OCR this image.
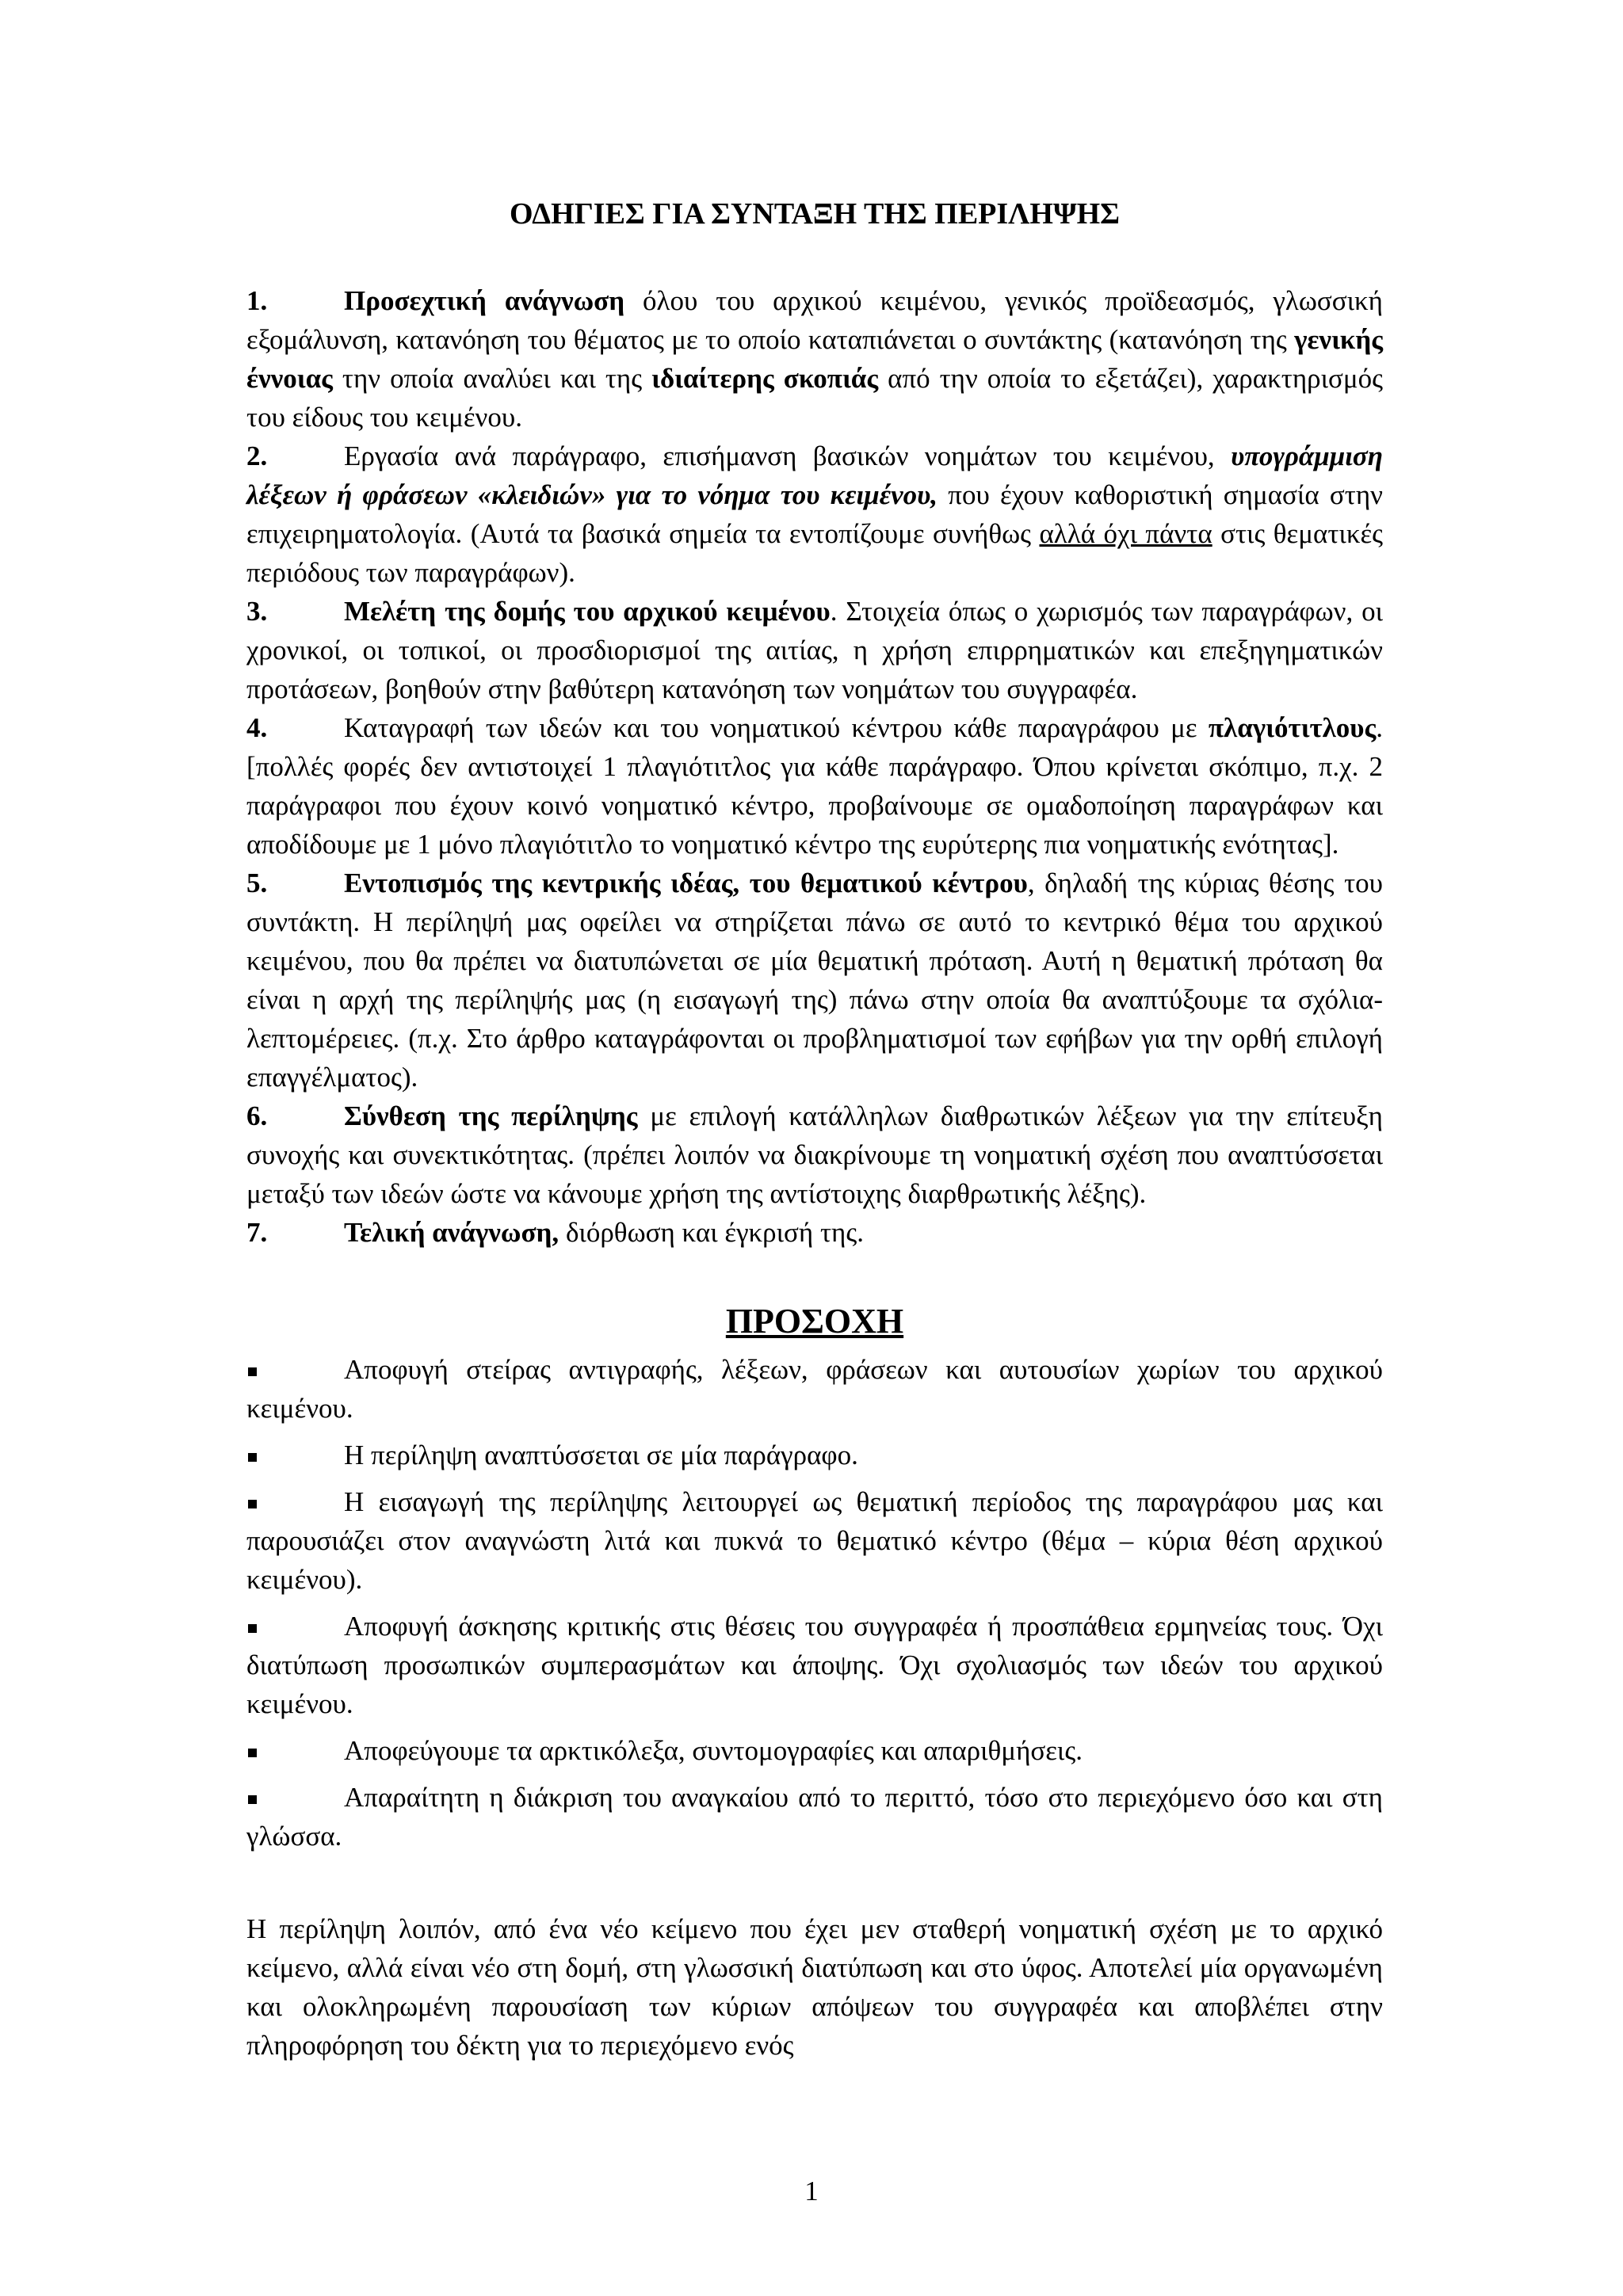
ΟΔΗΓΙΕΣ ΓΙΑ ΣΥΝΤΑΞΗ ΤΗΣ ΠΕΡΙΛΗΨΗΣ

1.	Προσεχτική ανάγνωση όλου του αρχικού κειμένου, γενικός προϊδεασμός, γλωσσική εξομάλυνση, κατανόηση του θέματος με το οποίο καταπιάνεται ο συντάκτης (κατανόηση της γενικής έννοιας την οποία αναλύει και της ιδιαίτερης σκοπιάς από την οποία το εξετάζει), χαρακτηρισμός του είδους του κειμένου.

2.	Εργασία ανά παράγραφο, επισήμανση βασικών νοημάτων του κειμένου, υπογράμμιση λέξεων ή φράσεων «κλειδιών» για το νόημα του κειμένου, που έχουν καθοριστική σημασία στην επιχειρηματολογία. (Αυτά τα βασικά σημεία τα εντοπίζουμε συνήθως αλλά όχι πάντα στις θεματικές περιόδους των παραγράφων).

3.	Μελέτη της δομής του αρχικού κειμένου. Στοιχεία όπως ο χωρισμός των παραγράφων, οι χρονικοί, οι τοπικοί, οι προσδιορισμοί της αιτίας, η χρήση επιρρηματικών και επεξηγηματικών προτάσεων, βοηθούν στην βαθύτερη κατανόηση των νοημάτων του συγγραφέα.

4.	Καταγραφή των ιδεών και του νοηματικού κέντρου κάθε παραγράφου με πλαγιότιτλους. [πολλές φορές δεν αντιστοιχεί 1 πλαγιότιτλος για κάθε παράγραφο. Όπου κρίνεται σκόπιμο, π.χ. 2 παράγραφοι που έχουν κοινό νοηματικό κέντρο, προβαίνουμε σε ομαδοποίηση παραγράφων και αποδίδουμε με 1 μόνο πλαγιότιτλο το νοηματικό κέντρο της ευρύτερης πια νοηματικής ενότητας].

5.	Εντοπισμός της κεντρικής ιδέας, του θεματικού κέντρου, δηλαδή της κύριας θέσης του συντάκτη. Η περίληψή μας οφείλει να στηρίζεται πάνω σε αυτό το κεντρικό θέμα του αρχικού κειμένου, που θα πρέπει να διατυπώνεται σε μία θεματική πρόταση. Αυτή η θεματική πρόταση θα είναι η αρχή της περίληψής μας (η εισαγωγή της) πάνω στην οποία θα αναπτύξουμε τα σχόλια-λεπτομέρειες. (π.χ. Στο άρθρο καταγράφονται οι προβληματισμοί των εφήβων για την ορθή επιλογή επαγγέλματος).

6.	Σύνθεση της περίληψης με επιλογή κατάλληλων διαθρωτικών λέξεων για την επίτευξη συνοχής και συνεκτικότητας. (πρέπει λοιπόν να διακρίνουμε τη νοηματική σχέση που αναπτύσσεται μεταξύ των ιδεών ώστε να κάνουμε χρήση της αντίστοιχης διαρθρωτικής λέξης).

7.	Τελική ανάγνωση, διόρθωση και έγκρισή της.

ΠΡΟΣΟΧΗ

Αποφυγή στείρας αντιγραφής, λέξεων, φράσεων και αυτουσίων χωρίων του αρχικού κειμένου.

Η περίληψη αναπτύσσεται σε μία παράγραφο.

Η εισαγωγή της περίληψης λειτουργεί ως θεματική περίοδος της παραγράφου μας και παρουσιάζει στον αναγνώστη λιτά και πυκνά το θεματικό κέντρο (θέμα – κύρια θέση αρχικού κειμένου).

Αποφυγή άσκησης κριτικής στις θέσεις του συγγραφέα ή προσπάθεια ερμηνείας τους. Όχι διατύπωση προσωπικών συμπερασμάτων και άποψης. Όχι σχολιασμός των ιδεών του αρχικού κειμένου.

Αποφεύγουμε τα αρκτικόλεξα, συντομογραφίες και απαριθμήσεις.

Απαραίτητη η διάκριση του αναγκαίου από το περιττό, τόσο στο περιεχόμενο όσο και στη γλώσσα.

Η περίληψη λοιπόν, από ένα νέο κείμενο που έχει μεν σταθερή νοηματική σχέση με το αρχικό κείμενο, αλλά είναι νέο στη δομή, στη γλωσσική διατύπωση και στο ύφος. Αποτελεί μία οργανωμένη και ολοκληρωμένη παρουσίαση των κύριων απόψεων του συγγραφέα και αποβλέπει στην πληροφόρηση του δέκτη για το περιεχόμενο ενός

1
